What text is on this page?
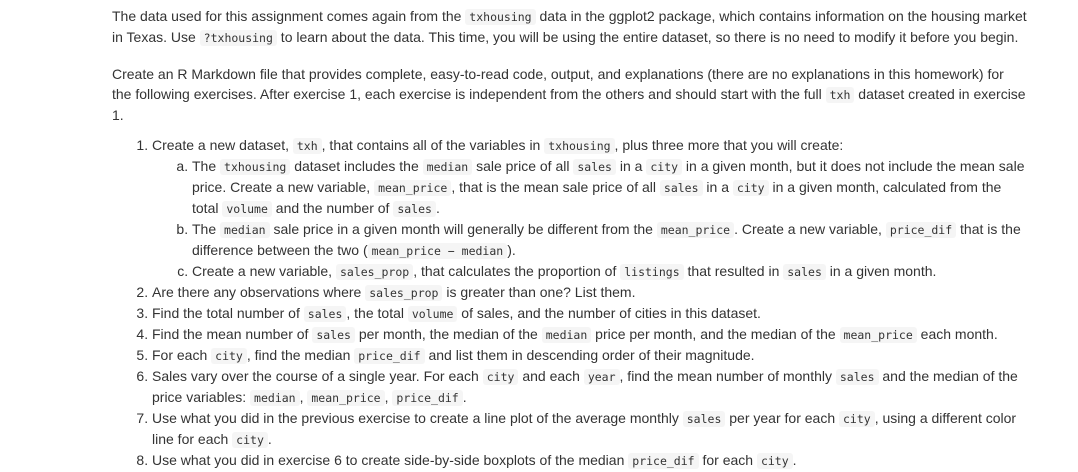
The data used for this assignment comes again from the txhousing data in the ggplot2 package, which contains information on the housing market in Texas. Use ?txhousing to learn about the data. This time, you will be using the entire dataset, so there is no need to modify it before you begin.

Create an R Markdown file that provides complete, easy-to-read code, output, and explanations (there are no explanations in this homework) for the following exercises. After exercise 1, each exercise is independent from the others and should start with the full txh dataset created in exercise 1.

1. Create a new dataset, txh , that contains all of the variables in txhousing , plus three more that you will create:
a. The txhousing dataset includes the median sale price of all sales in a city in a given month, but it does not include the mean sale price. Create a new variable, mean_price , that is the mean sale price of all sales in a city in a given month, calculated from the total volume and the number of sales .
b. The median sale price in a given month will generally be different from the mean_price . Create a new variable, price_dif that is the difference between the two ( mean_price − median ).
c. Create a new variable, sales_prop , that calculates the proportion of listings that resulted in sales in a given month.
2. Are there any observations where sales_prop is greater than one? List them.
3. Find the total number of sales , the total volume of sales, and the number of cities in this dataset.
4. Find the mean number of sales per month, the median of the median price per month, and the median of the mean_price each month.
5. For each city , find the median price_dif and list them in descending order of their magnitude.
6. Sales vary over the course of a single year. For each city and each year , find the mean number of monthly sales and the median of the price variables: median , mean_price , price_dif .
7. Use what you did in the previous exercise to create a line plot of the average monthly sales per year for each city , using a different color line for each city .
8. Use what you did in exercise 6 to create side-by-side boxplots of the median price_dif for each city .
